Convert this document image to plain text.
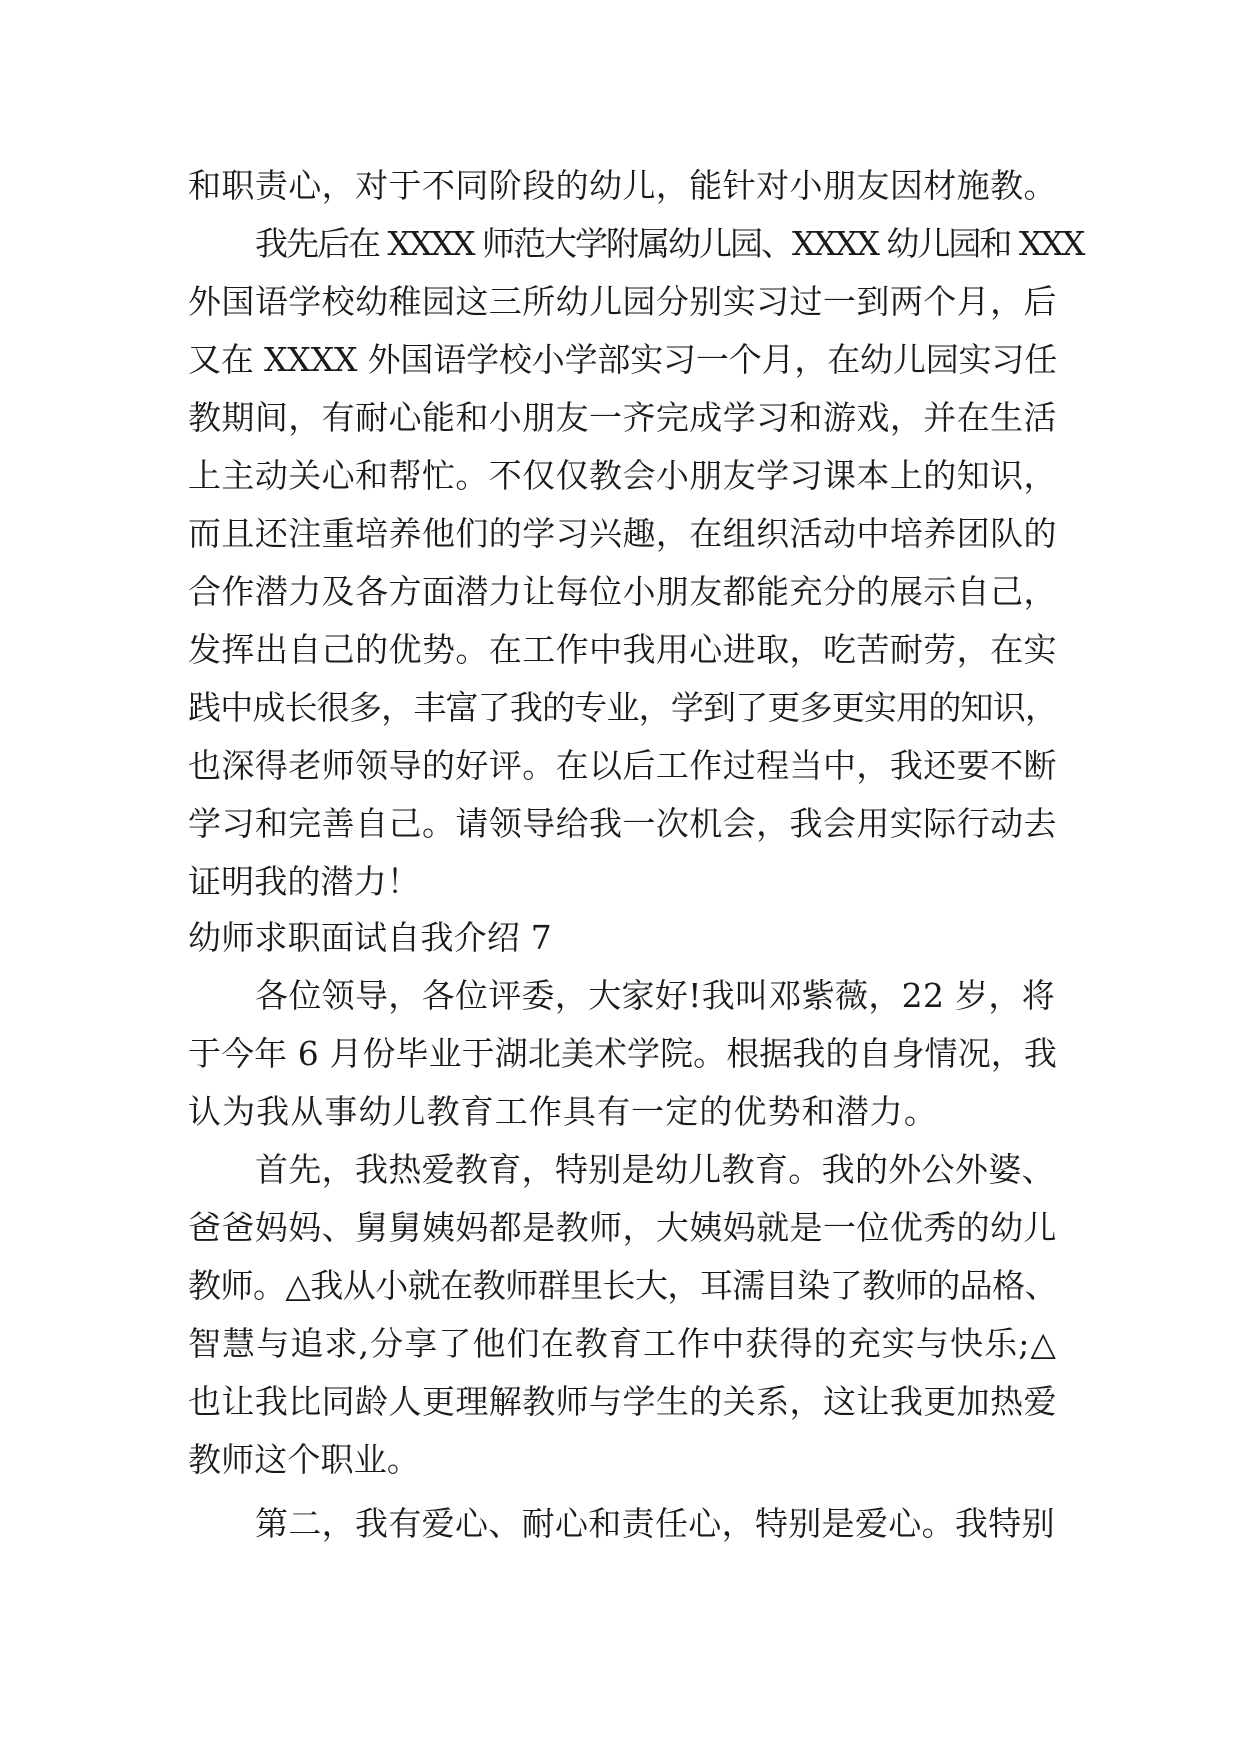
和职责心，对于不同阶段的幼儿，能针对小朋友因材施教。
我先后在 XXXX 师范大学附属幼儿园、XXXX 幼儿园和 XXX
外国语学校幼稚园这三所幼儿园分别实习过一到两个月，后
又在 XXXX 外国语学校小学部实习一个月，在幼儿园实习任
教期间，有耐心能和小朋友一齐完成学习和游戏，并在生活
上主动关心和帮忙。不仅仅教会小朋友学习课本上的知识，
而且还注重培养他们的学习兴趣，在组织活动中培养团队的
合作潜力及各方面潜力让每位小朋友都能充分的展示自己，
发挥出自己的优势。在工作中我用心进取，吃苦耐劳，在实
践中成长很多，丰富了我的专业，学到了更多更实用的知识，
也深得老师领导的好评。在以后工作过程当中，我还要不断
学习和完善自己。请领导给我一次机会，我会用实际行动去
证明我的潜力！
幼师求职面试自我介绍 7
各位领导，各位评委，大家好!我叫邓紫薇，22 岁，将
于今年 6 月份毕业于湖北美术学院。根据我的自身情况，我
认为我从事幼儿教育工作具有一定的优势和潜力。
首先，我热爱教育，特别是幼儿教育。我的外公外婆、
爸爸妈妈、舅舅姨妈都是教师，大姨妈就是一位优秀的幼儿
教师。△我从小就在教师群里长大，耳濡目染了教师的品格、
智慧与追求,分享了他们在教育工作中获得的充实与快乐;△
也让我比同龄人更理解教师与学生的关系，这让我更加热爱
教师这个职业。
第二，我有爱心、耐心和责任心，特别是爱心。我特别
